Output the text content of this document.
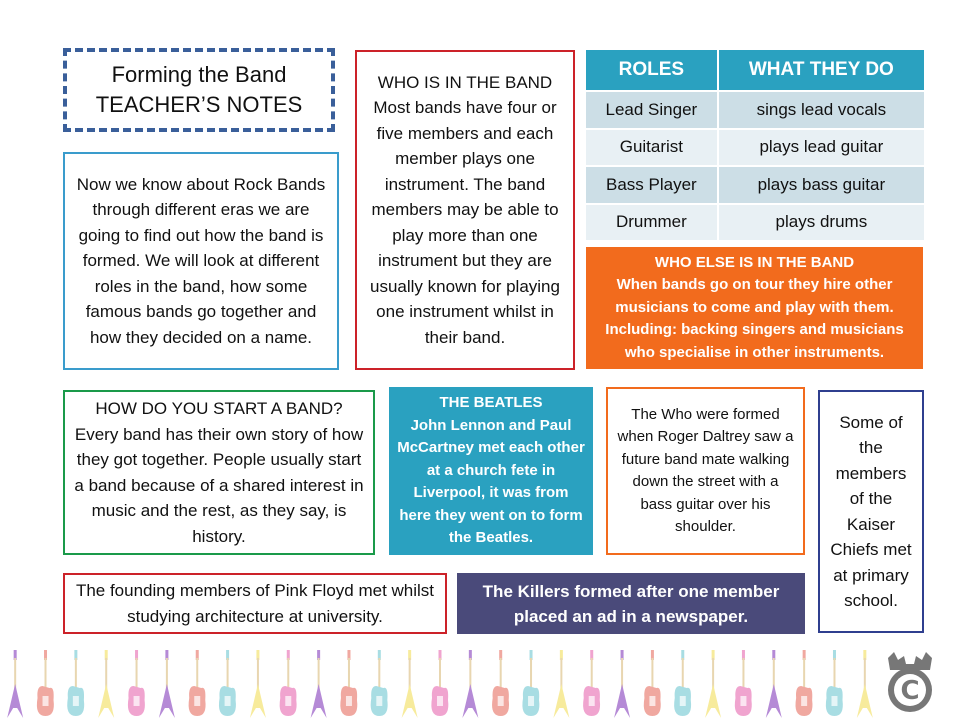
Forming the Band
TEACHER’S NOTES
Now we know about Rock Bands through different eras we are going to find out how the band is formed. We will look at different roles in the band, how some famous bands go together and how they decided on a name.
WHO IS IN THE BAND
Most bands have four or five members and each member plays one instrument. The band members may be able to play more than one instrument but they are usually known for playing one instrument whilst in their band.
ROLES	WHAT THEY DO
Lead Singer	sings lead vocals
Guitarist	plays lead guitar
Bass Player	plays bass guitar
Drummer	plays drums
WHO ELSE IS IN THE BAND
When bands go on tour they hire other musicians to come and play with them. Including: backing singers and musicians who specialise in other instruments.
HOW DO YOU START A BAND?
Every band has their own story of how they got together. People usually start a band because of a shared interest in music and the rest, as they say, is history.
THE BEATLES
John Lennon and Paul McCartney met each other at a church fete in Liverpool, it was from here they went on to form the Beatles.
The Who were formed when Roger Daltrey saw a future band mate walking down the street with a bass guitar over his shoulder.
Some of the members of the Kaiser Chiefs met at primary school.
The founding members of Pink Floyd met whilst studying architecture at university.
The Killers formed after one member placed an ad in a newspaper.
C
